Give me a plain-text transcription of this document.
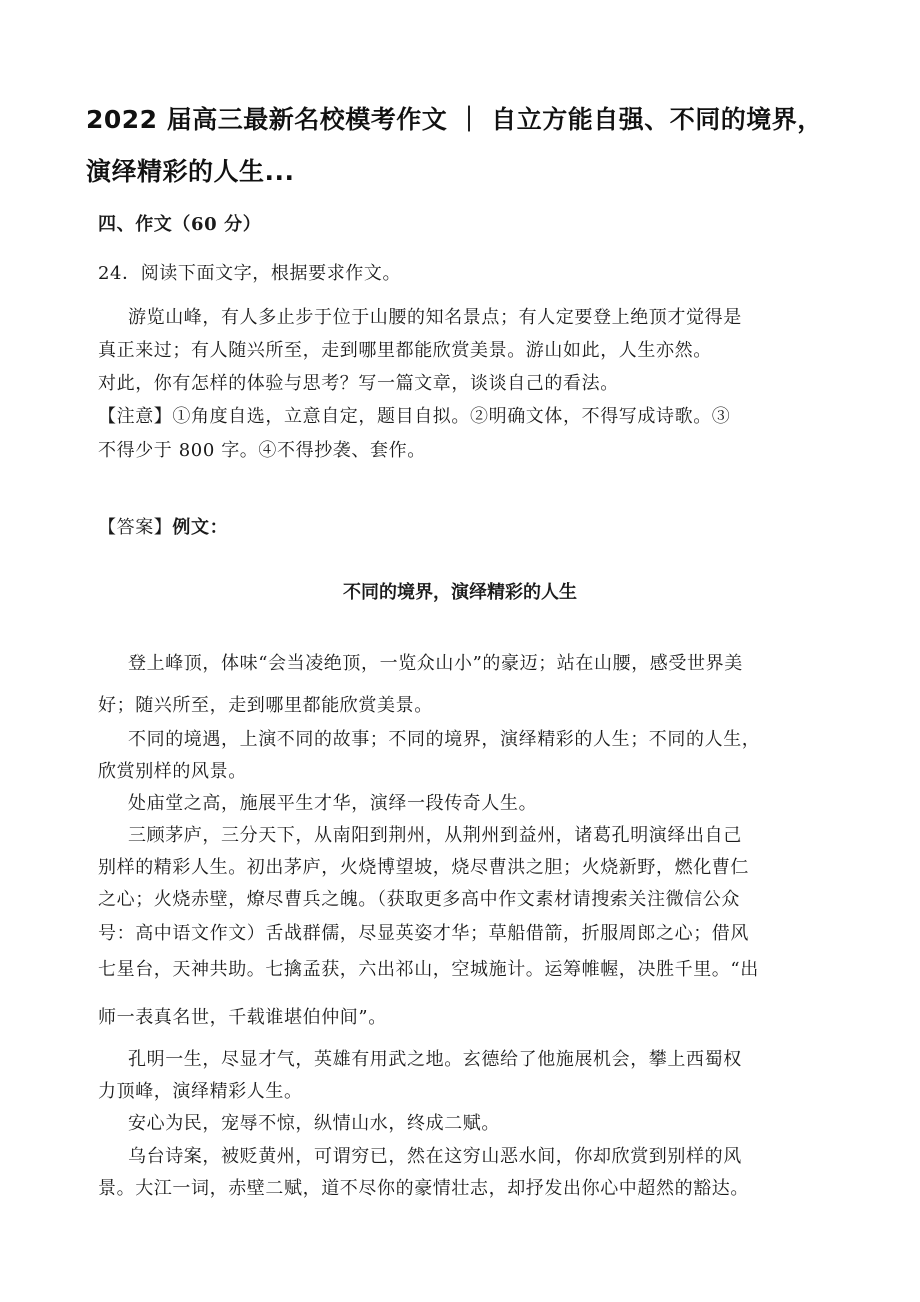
2022 届高三最新名校模考作文 ｜ 自立方能自强、不同的境界，
演绎精彩的人生...
四、作文（60 分）
24．阅读下面文字，根据要求作文。
游览山峰，有人多止步于位于山腰的知名景点；有人定要登上绝顶才觉得是
真正来过；有人随兴所至，走到哪里都能欣赏美景。游山如此，人生亦然。
对此，你有怎样的体验与思考？写一篇文章，谈谈自己的看法。
【注意】①角度自选，立意自定，题目自拟。②明确文体，不得写成诗歌。③
不得少于 800 字。④不得抄袭、套作。
【答案】例文：
不同的境界，演绎精彩的人生
登上峰顶，体味“会当凌绝顶，一览众山小”的豪迈；站在山腰，感受世界美
好；随兴所至，走到哪里都能欣赏美景。
不同的境遇，上演不同的故事；不同的境界，演绎精彩的人生；不同的人生，
欣赏别样的风景。
处庙堂之高，施展平生才华，演绎一段传奇人生。
三顾茅庐，三分天下，从南阳到荆州，从荆州到益州，诸葛孔明演绎出自己
别样的精彩人生。初出茅庐，火烧博望坡，烧尽曹洪之胆；火烧新野，燃化曹仁
之心；火烧赤壁，燎尽曹兵之魄。（获取更多高中作文素材请搜索关注微信公众
号：高中语文作文）舌战群儒，尽显英姿才华；草船借箭，折服周郎之心；借风
七星台，天神共助。七擒孟获，六出祁山，空城施计。运筹帷幄，决胜千里。“出
师一表真名世，千载谁堪伯仲间”。
孔明一生，尽显才气，英雄有用武之地。玄德给了他施展机会，攀上西蜀权
力顶峰，演绎精彩人生。
安心为民，宠辱不惊，纵情山水，终成二赋。
乌台诗案，被贬黄州，可谓穷已，然在这穷山恶水间，你却欣赏到别样的风
景。大江一词，赤壁二赋，道不尽你的豪情壮志，却抒发出你心中超然的豁达。
